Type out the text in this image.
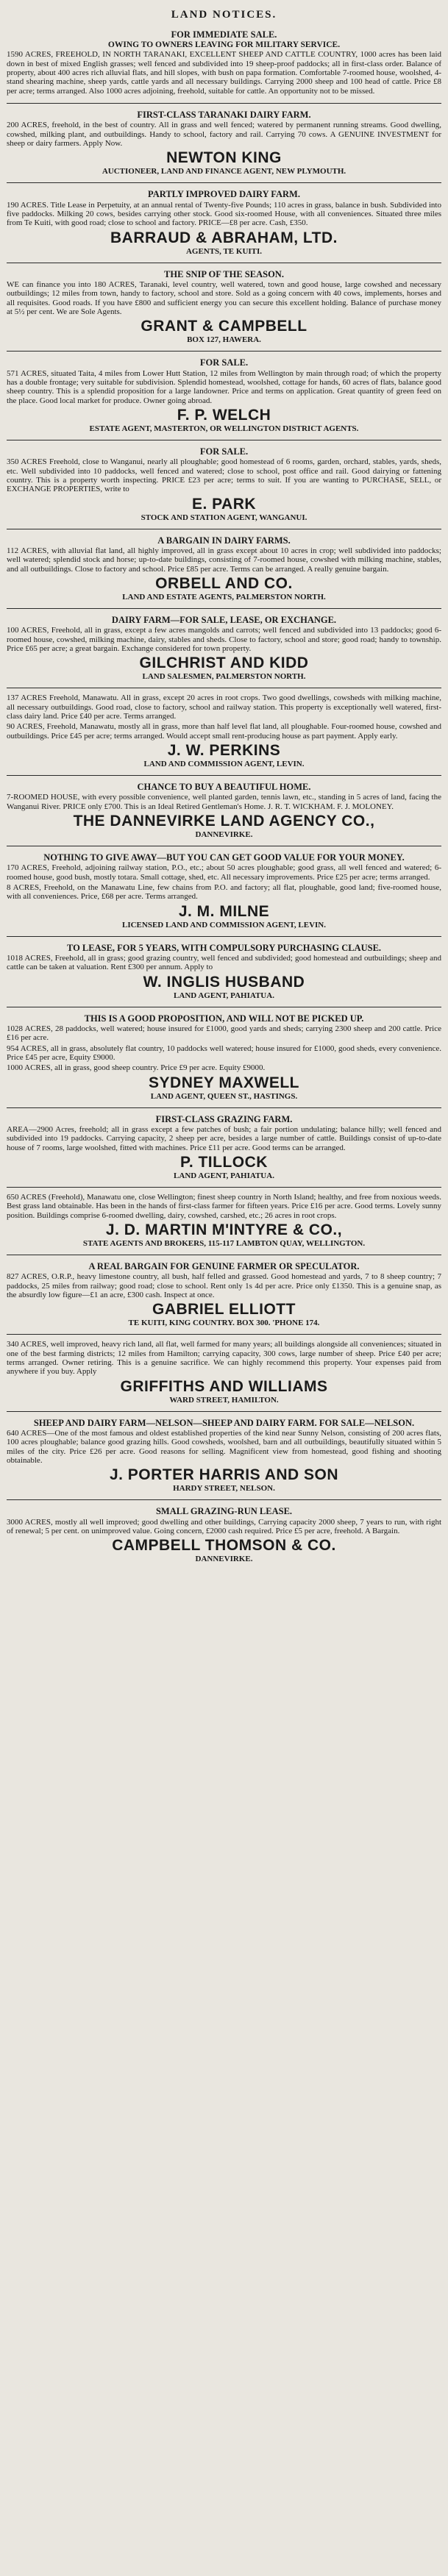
LAND NOTICES.
FOR IMMEDIATE SALE.
OWING TO OWNERS LEAVING FOR MILITARY SERVICE.

1590 ACRES, FREEHOLD, IN NORTH TARANAKI, EXCELLENT SHEEP AND CATTLE COUNTRY, 1000 acres has been laid down in best of mixed English grasses; well fenced and subdivided into 19 sheep-proof paddocks; all in first-class order. Balance of property, about 400 acres rich alluvial flats, and hill slopes, with bush on papa formation. Comfortable 7-roomed house, woolshed, 4-stand shearing machine, sheep yards, cattle yards and all necessary buildings. Carrying 2000 sheep and 100 head of cattle. Price £8 per acre; terms arranged. Also 1000 acres adjoining, freehold, suitable for cattle. An opportunity not to be missed.

FIRST-CLASS TARANAKI DAIRY FARM.

200 ACRES, freehold, in the best of country. All in grass and well fenced; watered by permanent running streams. Good dwelling, cowshed, milking plant, and outbuildings. Handy to school, factory and rail. Carrying 70 cows. A GENUINE INVESTMENT for sheep or dairy farmers. Apply Now.

NEWTON KING
AUCTIONEER, LAND AND FINANCE AGENT, NEW PLYMOUTH.
PARTLY IMPROVED DAIRY FARM.

190 ACRES. Title Lease in Perpetuity, at an annual rental of Twenty-five Pounds; 110 acres in grass, balance in bush. Subdivided into five paddocks. Milking 20 cows, besides carrying other stock. Good six-roomed House, with all conveniences. Situated three miles from Te Kuiti, with good road; close to school and factory. PRICE—£8 per acre. Cash, £350.

BARRAUD & ABRAHAM, LTD.
AGENTS, TE KUITI.
THE SNIP OF THE SEASON.

WE can finance you into 180 ACRES, Taranaki, level country, well watered, town and good house, large cowshed and necessary outbuildings; 12 miles from town, handy to factory, school and store. Sold as a going concern with 40 cows, implements, horses and all requisites. Good roads. If you have £800 and sufficient energy you can secure this excellent holding. Balance of purchase money at 5½ per cent. We are Sole Agents.

GRANT & CAMPBELL
BOX 127, HAWERA.
FOR SALE.

571 ACRES, situated Taita, 4 miles from Lower Hutt Station, 12 miles from Wellington by main through road; of which the property has a double frontage; very suitable for subdivision. Splendid homestead, woolshed, cottage for hands, 60 acres of flats, balance good sheep country. This is a splendid proposition for a large landowner. Price and terms on application. Great quantity of green feed on the place. Good local market for produce. Owner going abroad.

F. P. WELCH
ESTATE AGENT, MASTERTON, OR WELLINGTON DISTRICT AGENTS.
FOR SALE.

350 ACRES Freehold, close to Wanganui, nearly all ploughable; good homestead of 6 rooms, garden, orchard, stables, yards, sheds, etc. Well subdivided into 10 paddocks, well fenced and watered; close to school, post office and rail. Good dairying or fattening country. This is a property worth inspecting. PRICE £23 per acre; terms to suit. If you are wanting to PURCHASE, SELL, or EXCHANGE PROPERTIES, write to

E. PARK
STOCK AND STATION AGENT, WANGANUI.
A BARGAIN IN DAIRY FARMS.

112 ACRES, with alluvial flat land, all highly improved, all in grass except about 10 acres in crop; well subdivided into paddocks; well watered; splendid stock and horse; up-to-date buildings, consisting of 7-roomed house, cowshed with milking machine, stables, and all outbuildings. Close to factory and school. Price £85 per acre. Terms can be arranged. A really genuine bargain.

ORBELL AND CO.
LAND AND ESTATE AGENTS, PALMERSTON NORTH.
DAIRY FARM—FOR SALE, LEASE, OR EXCHANGE.

100 ACRES, Freehold, all in grass, except a few acres mangolds and carrots; well fenced and subdivided into 13 paddocks; good 6-roomed house, cowshed, milking machine, dairy, stables and sheds. Close to factory, school and store; good road; handy to township. Price £65 per acre; a great bargain. Exchange considered for town property.

GILCHRIST AND KIDD
LAND SALESMEN, PALMERSTON NORTH.

137 ACRES Freehold, Manawatu. All in grass, except 20 acres in root crops. Two good dwellings, cowsheds with milking machine, all necessary outbuildings. Good road, close to factory, school and railway station. This property is exceptionally well watered, first-class dairy land. Price £40 per acre. Terms arranged.

90 ACRES, Freehold, Manawatu, mostly all in grass, more than half level flat land, all ploughable. Four-roomed house, cowshed and outbuildings. Price £45 per acre; terms arranged. Would accept small rent-producing house as part payment. Apply early.

J. W. PERKINS
LAND AND COMMISSION AGENT, LEVIN.
CHANCE TO BUY A BEAUTIFUL HOME.

7-ROOMED HOUSE, with every possible convenience, well planted garden, tennis lawn, etc., standing in 5 acres of land, facing the Wanganui River. PRICE only £700. This is an Ideal Retired Gentleman's Home. J. R. T. WICKHAM. F. J. MOLONEY.

THE DANNEVIRKE LAND AGENCY CO.,
DANNEVIRKE.
NOTHING TO GIVE AWAY—BUT YOU CAN GET GOOD VALUE FOR YOUR MONEY.

170 ACRES, Freehold, adjoining railway station, P.O., etc.; about 50 acres ploughable; good grass, all well fenced and watered; 6-roomed house, good bush, mostly totara. Small cottage, shed, etc. All necessary improvements. Price £25 per acre; terms arranged.

8 ACRES, Freehold, on the Manawatu Line, few chains from P.O. and factory; all flat, ploughable, good land; five-roomed house, with all conveniences. Price, £68 per acre. Terms arranged.

J. M. MILNE
LICENSED LAND AND COMMISSION AGENT, LEVIN.
TO LEASE, FOR 5 YEARS, WITH COMPULSORY PURCHASING CLAUSE.

1018 ACRES, Freehold, all in grass; good grazing country, well fenced and subdivided; good homestead and outbuildings; sheep and cattle can be taken at valuation. Rent £300 per annum. Apply to

W. INGLIS HUSBAND
LAND AGENT, PAHIATUA.
THIS IS A GOOD PROPOSITION, AND WILL NOT BE PICKED UP.

1028 ACRES, 28 paddocks, well watered; house insured for £1000, good yards and sheds; carrying 2300 sheep and 200 cattle. Price £16 per acre.

954 ACRES, all in grass, absolutely flat country, 10 paddocks well watered; house insured for £1000, good sheds, every convenience. Price £45 per acre, Equity £9000.

1000 ACRES, all in grass, good sheep country. Price £9 per acre. Equity £9000.

SYDNEY MAXWELL
LAND AGENT, QUEEN ST., HASTINGS.
FIRST-CLASS GRAZING FARM.

AREA—2900 Acres, freehold; all in grass except a few patches of bush; a fair portion undulating; balance hilly; well fenced and subdivided into 19 paddocks. Carrying capacity, 2 sheep per acre, besides a large number of cattle. Buildings consist of up-to-date house of 7 rooms, large woolshed, fitted with machines. Price £11 per acre. Good terms can be arranged.

P. TILLOCK
LAND AGENT, PAHIATUA.

650 ACRES (Freehold), Manawatu one, close Wellington; finest sheep country in North Island; healthy, and free from noxious weeds. Best grass land obtainable. Has been in the hands of first-class farmer for fifteen years. Price £16 per acre. Good terms. Lovely sunny position. Buildings comprise 6-roomed dwelling, dairy, cowshed, carshed, etc.; 26 acres in root crops.

J. D. MARTIN M'INTYRE & CO.,
STATE AGENTS AND BROKERS, 115-117 LAMBTON QUAY, WELLINGTON.
A REAL BARGAIN FOR GENUINE FARMER OR SPECULATOR.

827 ACRES, O.R.P., heavy limestone country, all bush, half felled and grassed. Good homestead and yards, 7 to 8 sheep country; 7 paddocks, 25 miles from railway; good road; close to school. Rent only 1s 4d per acre. Price only £1350. This is a genuine snap, as the absurdly low figure—£1 an acre, £300 cash. Inspect at once.

GABRIEL ELLIOTT
TE KUITI, KING COUNTRY. BOX 300. 'PHONE 174.

340 ACRES, well improved, heavy rich land, all flat, well farmed for many years; all buildings alongside all conveniences; situated in one of the best farming districts; 12 miles from Hamilton; carrying capacity, 300 cows, large number of sheep. Price £40 per acre; terms arranged. Owner retiring. This is a genuine sacrifice. We can highly recommend this property. Your expenses paid from anywhere if you buy. Apply

GRIFFITHS AND WILLIAMS
WARD STREET, HAMILTON.
SHEEP AND DAIRY FARM—NELSON—SHEEP AND DAIRY FARM. FOR SALE—NELSON.

640 ACRES—One of the most famous and oldest established properties of the kind near Sunny Nelson, consisting of 200 acres flats, 100 acres ploughable; balance good grazing hills. Good cowsheds, woolshed, barn and all outbuildings, beautifully situated within 5 miles of the city. Price £26 per acre. Good reasons for selling. Magnificent view from homestead, good fishing and shooting obtainable.

J. PORTER HARRIS AND SON
HARDY STREET, NELSON.
SMALL GRAZING-RUN LEASE.

3000 ACRES, mostly all well improved; good dwelling and other buildings, Carrying capacity 2000 sheep, 7 years to run, with right of renewal; 5 per cent. on unimproved value. Going concern, £2000 cash required. Price £5 per acre, freehold. A Bargain.

CAMPBELL THOMSON & CO.
DANNEVIRKE.
